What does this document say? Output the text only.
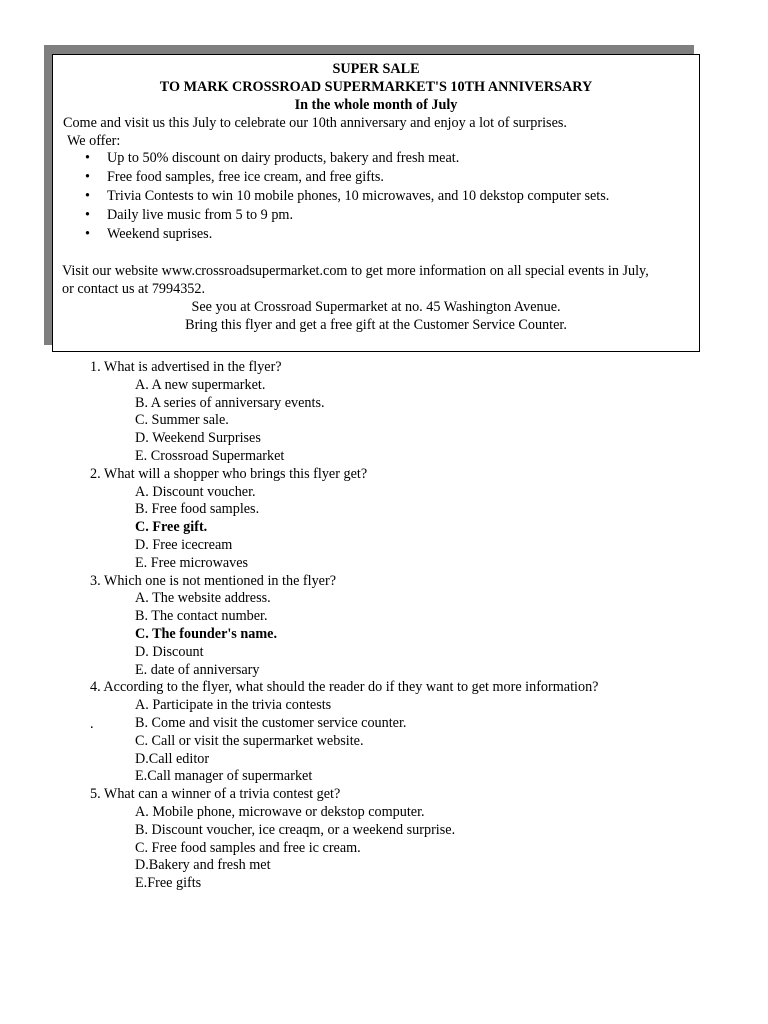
SUPER SALE
TO MARK CROSSROAD SUPERMARKET'S 10TH ANNIVERSARY
In the whole month of July
Come and visit us this July to celebrate our 10th anniversary and enjoy a lot of surprises.
We offer:
• Up to 50% discount on dairy products, bakery and fresh meat.
• Free food samples, free ice cream, and free gifts.
• Trivia Contests to win 10 mobile phones, 10 microwaves, and 10 dekstop computer sets.
• Daily live music from 5 to 9 pm.
• Weekend suprises.
Visit our website www.crossroadsupermarket.com to get more information on all special events in July,
or contact us at 7994352.
See you at Crossroad Supermarket at no. 45 Washington Avenue.
Bring this flyer and get a free gift at the Customer Service Counter.
1. What is advertised in the flyer?
A. A new supermarket.
B. A series of anniversary events.
C. Summer sale.
D. Weekend Surprises
E. Crossroad Supermarket
2. What will a shopper who brings this flyer get?
A. Discount voucher.
B. Free food samples.
C. Free gift.
D. Free icecream
E. Free microwaves
3. Which one is not mentioned in the flyer?
A. The website address.
B. The contact number.
C. The founder's name.
D. Discount
E. date of anniversary
4. According to the flyer, what should the reader do if they want to get more information?
A. Participate in the trivia contests
B. Come and visit the customer service counter.
C. Call or visit the supermarket website.
D.Call editor
E.Call manager of supermarket
5. What can a winner of a trivia contest get?
A. Mobile phone, microwave or dekstop computer.
B. Discount voucher, ice creaqm, or a weekend surprise.
C. Free food samples and free ic cream.
D.Bakery and fresh met
E.Free gifts
.
